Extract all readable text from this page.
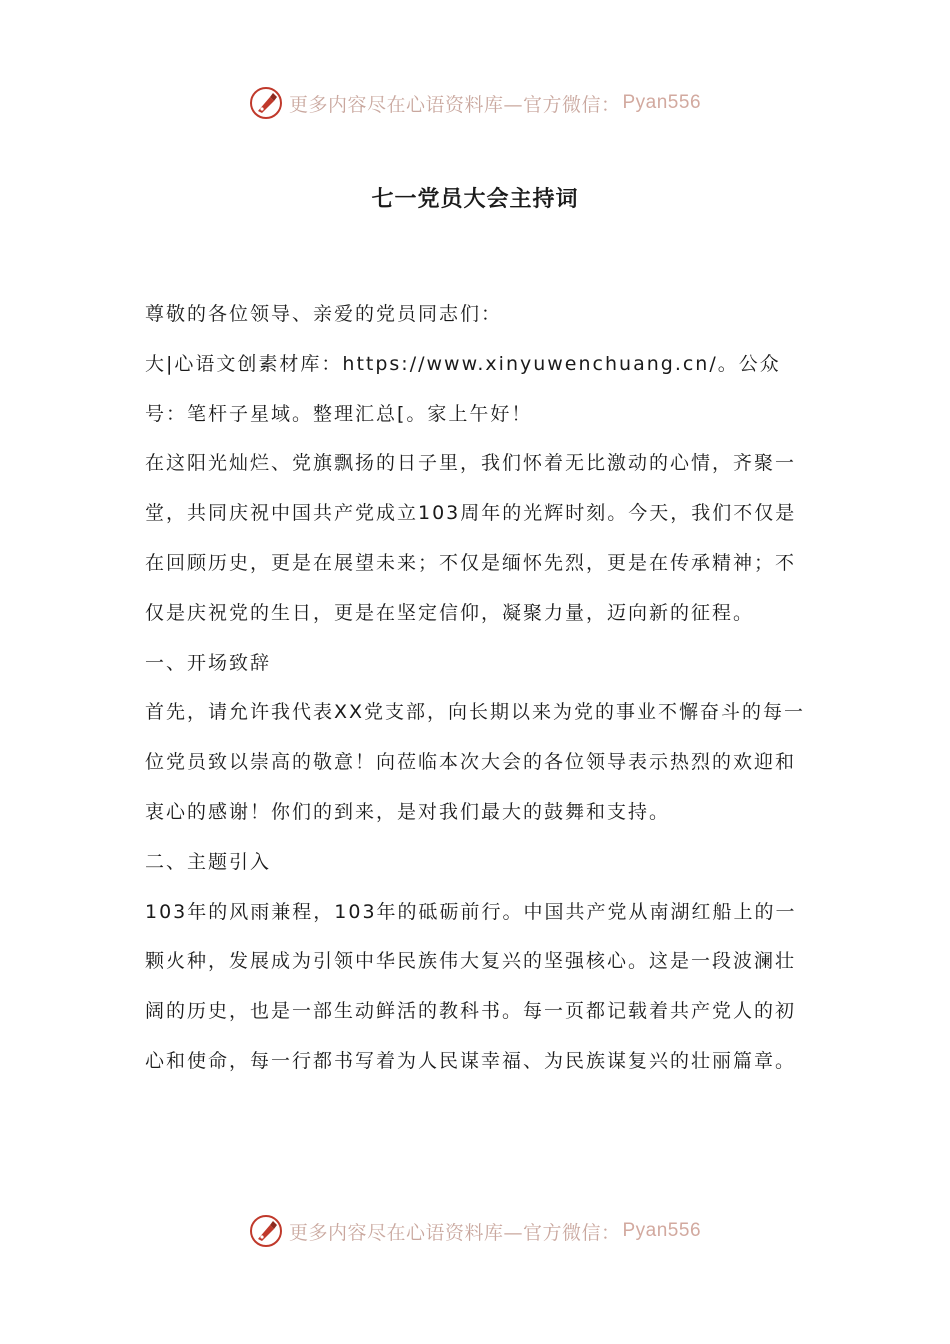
更多内容尽在心语资料库—官方微信： Pyan556
七一党员大会主持词

尊敬的各位领导、亲爱的党员同志们：

大|心语文创素材库：https://www.xinyuwenchuang.cn/。公众号：笔杆子星域。整理汇总[。家上午好！

在这阳光灿烂、党旗飘扬的日子里，我们怀着无比激动的心情，齐聚一堂，共同庆祝中国共产党成立103周年的光辉时刻。今天，我们不仅是在回顾历史，更是在展望未来；不仅是缅怀先烈，更是在传承精神；不仅是庆祝党的生日，更是在坚定信仰，凝聚力量，迈向新的征程。

一、开场致辞

首先，请允许我代表XX党支部，向长期以来为党的事业不懈奋斗的每一位党员致以崇高的敬意！向莅临本次大会的各位领导表示热烈的欢迎和衷心的感谢！你们的到来，是对我们最大的鼓舞和支持。

二、主题引入

103年的风雨兼程，103年的砥砺前行。中国共产党从南湖红船上的一颗火种，发展成为引领中华民族伟大复兴的坚强核心。这是一段波澜壮阔的历史，也是一部生动鲜活的教科书。每一页都记载着共产党人的初心和使命，每一行都书写着为人民谋幸福、为民族谋复兴的壮丽篇章。

更多内容尽在心语资料库—官方微信： Pyan556
